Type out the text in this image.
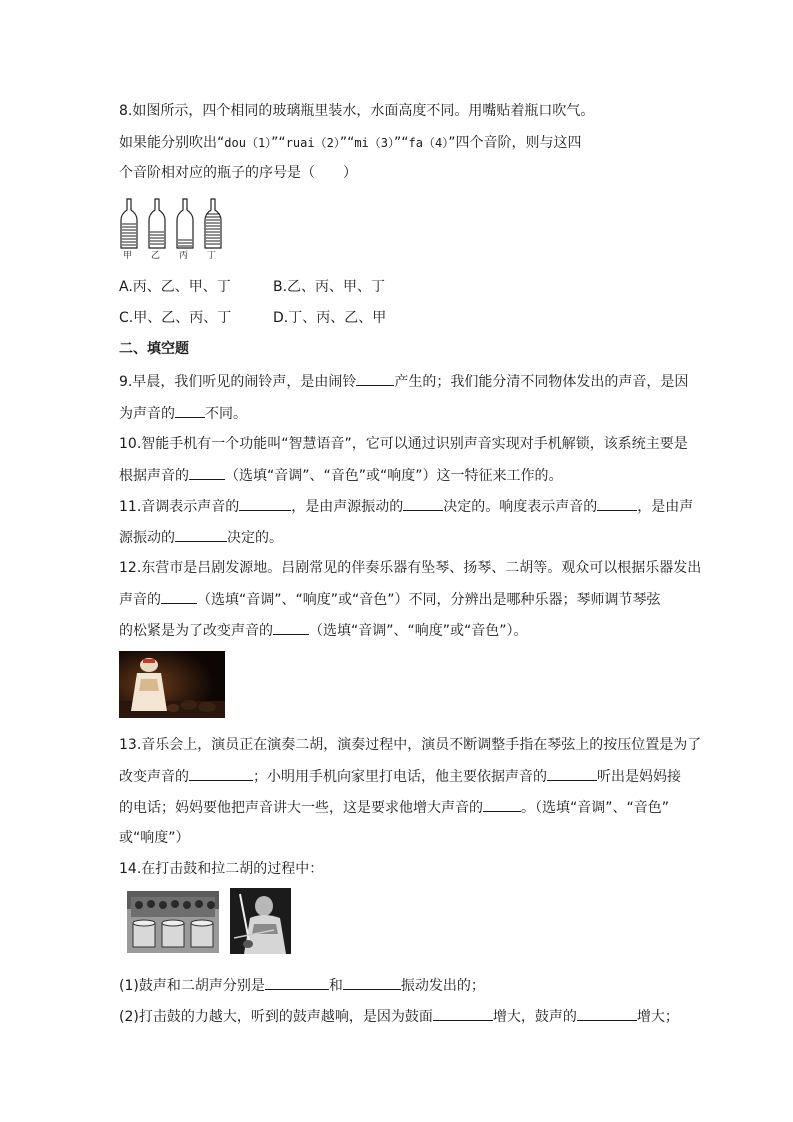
8.如图所示，四个相同的玻璃瓶里装水，水面高度不同。用嘴贴着瓶口吹气。
如果能分别吹出“dou（1）”“ruai（2）”“mi（3）”“fa（4）”四个音阶，则与这四
个音阶相对应的瓶子的序号是（　　）
甲 乙 丙 丁
A.丙、乙、甲、丁	B.乙、丙、甲、丁
C.甲、乙、丙、丁	D.丁、丙、乙、甲
二、填空题
9.早晨，我们听见的闹铃声，是由闹铃	产生的；我们能分清不同物体发出的声音，是因
为声音的 不同。
10.智能手机有一个功能叫“智慧语音”，它可以通过识别声音实现对手机解锁，该系统主要是
根据声音的	（选填“音调”、“音色”或“响度”）这一特征来工作的。
11.音调表示声音的	，是由声源振动的	决定的。响度表示声音的	，是由声
源振动的	决定的。
12.东营市是吕剧发源地。吕剧常见的伴奏乐器有坠琴、扬琴、二胡等。观众可以根据乐器发出
声音的	（选填“音调”、“响度”或“音色”）不同，分辨出是哪种乐器；琴师调节琴弦
的松紧是为了改变声音的	（选填“音调”、“响度”或“音色”）。
13.音乐会上，演员正在演奏二胡，演奏过程中，演员不断调整手指在琴弦上的按压位置是为了
改变声音的	；小明用手机向家里打电话，他主要依据声音的	听出是妈妈接
的电话；妈妈要他把声音讲大一些，这是要求他增大声音的	。（选填“音调”、“音色”
或“响度”）
14.在打击鼓和拉二胡的过程中：
(1)鼓声和二胡声分别是	和	振动发出的；
(2)打击鼓的力越大，听到的鼓声越响，是因为鼓面	增大，鼓声的	增大；
